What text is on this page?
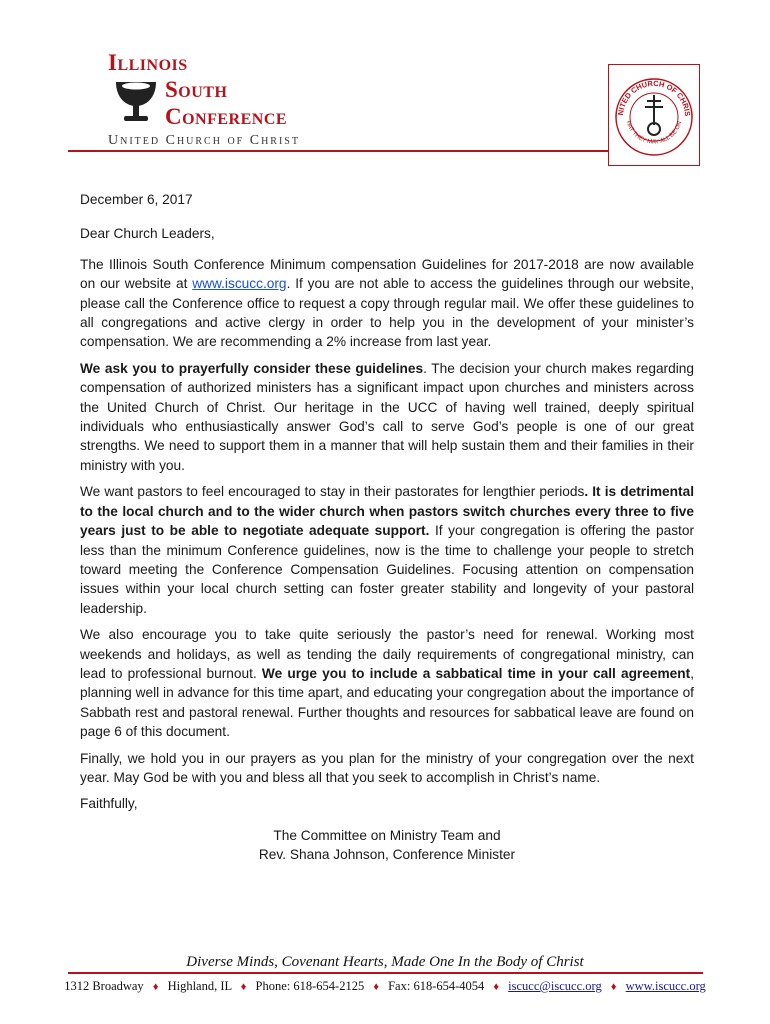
Illinois
South
Conference
United Church of Christ
NITED CHURCH OF CHRIS
HAT THEY MAY ALL BE ON

December 6, 2017

Dear Church Leaders,

The Illinois South Conference Minimum compensation Guidelines for 2017-2018 are now available on our website at www.iscucc.org. If you are not able to access the guidelines through our website, please call the Conference office to request a copy through regular mail. We offer these guidelines to all congregations and active clergy in order to help you in the development of your minister’s compensation. We are recommending a 2% increase from last year.

We ask you to prayerfully consider these guidelines. The decision your church makes regarding compensation of authorized ministers has a significant impact upon churches and ministers across the United Church of Christ. Our heritage in the UCC of having well trained, deeply spiritual individuals who enthusiastically answer God’s call to serve God’s people is one of our great strengths. We need to support them in a manner that will help sustain them and their families in their ministry with you.

We want pastors to feel encouraged to stay in their pastorates for lengthier periods. It is detrimental to the local church and to the wider church when pastors switch churches every three to five years just to be able to negotiate adequate support. If your congregation is offering the pastor less than the minimum Conference guidelines, now is the time to challenge your people to stretch toward meeting the Conference Compensation Guidelines. Focusing attention on compensation issues within your local church setting can foster greater stability and longevity of your pastoral leadership.

We also encourage you to take quite seriously the pastor’s need for renewal. Working most weekends and holidays, as well as tending the daily requirements of congregational ministry, can lead to professional burnout. We urge you to include a sabbatical time in your call agreement, planning well in advance for this time apart, and educating your congregation about the importance of Sabbath rest and pastoral renewal. Further thoughts and resources for sabbatical leave are found on page 6 of this document.

Finally, we hold you in our prayers as you plan for the ministry of your congregation over the next year. May God be with you and bless all that you seek to accomplish in Christ’s name.

Faithfully,

The Committee on Ministry Team and
Rev. Shana Johnson, Conference Minister
Diverse Minds, Covenant Hearts, Made One In the Body of Christ
1312 Broadway ♦ Highland, IL ♦ Phone: 618-654-2125 ♦ Fax: 618-654-4054 ♦ iscucc@iscucc.org ♦ www.iscucc.org
